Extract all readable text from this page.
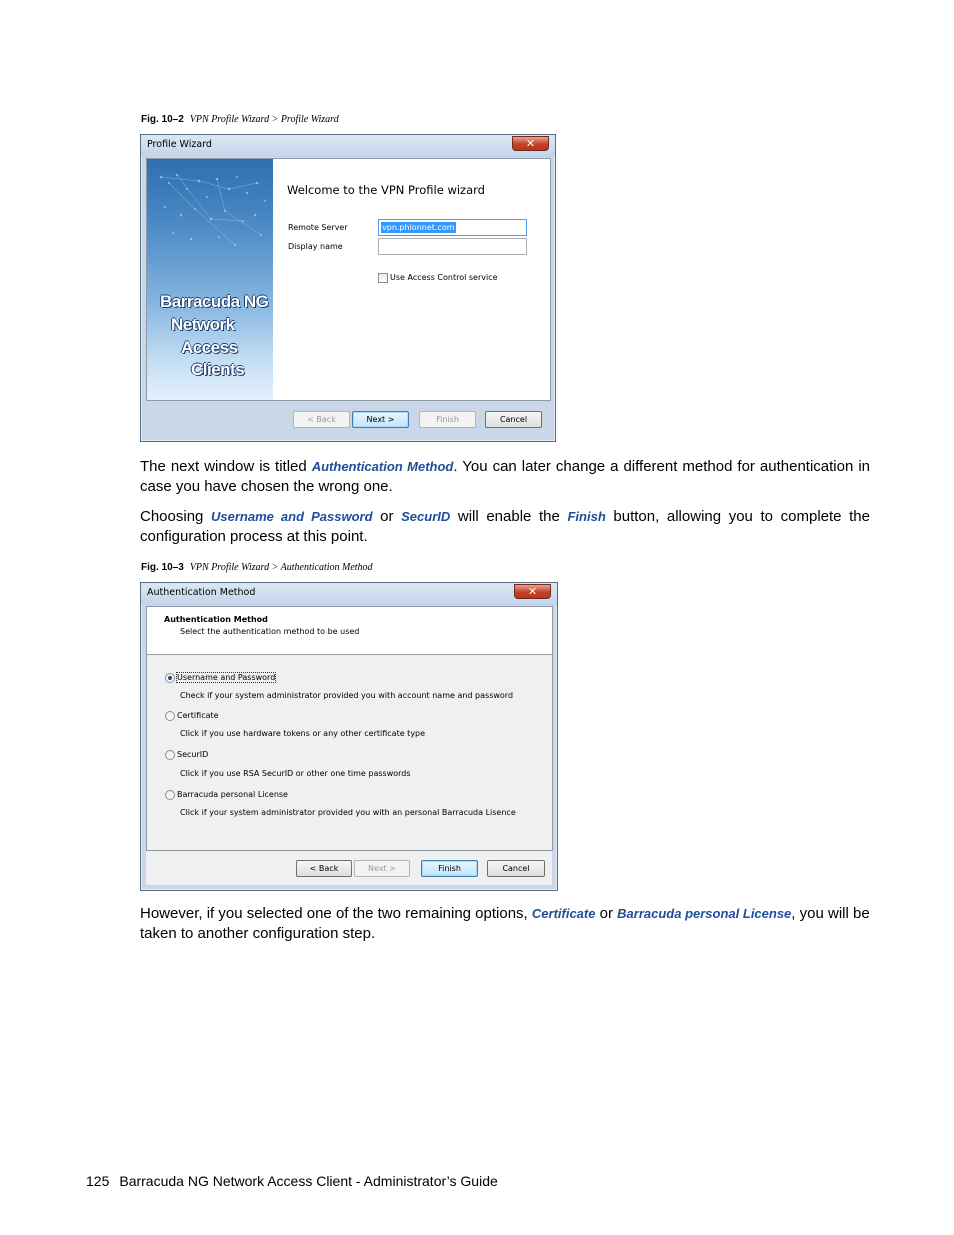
Fig. 10–2 VPN Profile Wizard > Profile Wizard
Profile Wizard	✕
Barracuda NG
Network
Access
Clients
Welcome to the VPN Profile wizard
Remote Server	vpn.phionnet.com
Display name
Use Access Control service
< Back	Next >	Finish	Cancel
The next window is titled Authentication Method. You can later change a different method for authentication in case you have chosen the wrong one.
Choosing Username and Password or SecurID will enable the Finish button, allowing you to complete the configuration process at this point.
Fig. 10–3 VPN Profile Wizard > Authentication Method
Authentication Method	✕
Authentication Method
Select the authentication method to be used
Username and Password
Check if your system administrator provided you with account name and password
Certificate
Click if you use hardware tokens or any other certificate type
SecurID
Click if you use RSA SecurID or other one time passwords
Barracuda personal License
Click if your system administrator provided you with an personal Barracuda Lisence
< Back	Next >	Finish	Cancel
However, if you selected one of the two remaining options, Certificate or Barracuda personal License, you will be taken to another configuration step.
125 Barracuda NG Network Access Client - Administrator’s Guide
